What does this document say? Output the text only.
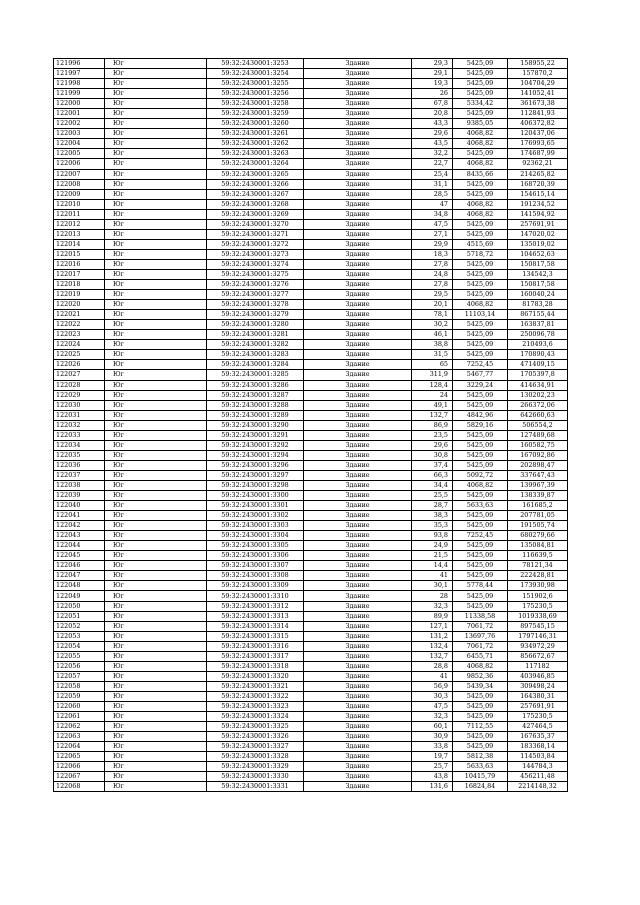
121996	Юг	59:32:2430001:3253	Здание	29,3	5425,09	158955,22
121997	Юг	59:32:2430001:3254	Здание	29,1	5425,09	157870,2
121998	Юг	59:32:2430001:3255	Здание	19,3	5425,09	104704,29
121999	Юг	59:32:2430001:3256	Здание	26	5425,09	141052,41
122000	Юг	59:32:2430001:3258	Здание	67,8	5334,42	361673,38
122001	Юг	59:32:2430001:3259	Здание	20,8	5425,09	112841,93
122002	Юг	59:32:2430001:3260	Здание	43,3	9385,05	406372,82
122003	Юг	59:32:2430001:3261	Здание	29,6	4068,82	120437,06
122004	Юг	59:32:2430001:3262	Здание	43,5	4068,82	176993,65
122005	Юг	59:32:2430001:3263	Здание	32,2	5425,09	174687,99
122006	Юг	59:32:2430001:3264	Здание	22,7	4068,82	92362,21
122007	Юг	59:32:2430001:3265	Здание	25,4	8435,66	214265,82
122008	Юг	59:32:2430001:3266	Здание	31,1	5425,09	168720,39
122009	Юг	59:32:2430001:3267	Здание	28,5	5425,09	154615,14
122010	Юг	59:32:2430001:3268	Здание	47	4068,82	191234,52
122011	Юг	59:32:2430001:3269	Здание	34,8	4068,82	141594,92
122012	Юг	59:32:2430001:3270	Здание	47,5	5425,09	257691,91
122013	Юг	59:32:2430001:3271	Здание	27,1	5425,09	147020,02
122014	Юг	59:32:2430001:3272	Здание	29,9	4515,69	135019,02
122015	Юг	59:32:2430001:3273	Здание	18,3	5718,72	104652,63
122016	Юг	59:32:2430001:3274	Здание	27,8	5425,09	150817,58
122017	Юг	59:32:2430001:3275	Здание	24,8	5425,09	134542,3
122018	Юг	59:32:2430001:3276	Здание	27,8	5425,09	150817,58
122019	Юг	59:32:2430001:3277	Здание	29,5	5425,09	160040,24
122020	Юг	59:32:2430001:3278	Здание	20,1	4068,82	81783,28
122021	Юг	59:32:2430001:3279	Здание	78,1	11103,14	867155,44
122022	Юг	59:32:2430001:3280	Здание	30,2	5425,09	163837,81
122023	Юг	59:32:2430001:3281	Здание	46,1	5425,09	250096,78
122024	Юг	59:32:2430001:3282	Здание	38,8	5425,09	210493,6
122025	Юг	59:32:2430001:3283	Здание	31,5	5425,09	170890,43
122026	Юг	59:32:2430001:3284	Здание	65	7252,45	471409,15
122027	Юг	59:32:2430001:3285	Здание	311,9	5467,77	1705397,8
122028	Юг	59:32:2430001:3286	Здание	128,4	3229,24	414634,91
122029	Юг	59:32:2430001:3287	Здание	24	5425,09	130202,23
122030	Юг	59:32:2430001:3288	Здание	49,1	5425,09	266372,06
122031	Юг	59:32:2430001:3289	Здание	132,7	4842,96	642660,63
122032	Юг	59:32:2430001:3290	Здание	86,9	5829,16	506554,2
122033	Юг	59:32:2430001:3291	Здание	23,5	5425,09	127489,68
122034	Юг	59:32:2430001:3292	Здание	29,6	5425,09	160582,75
122035	Юг	59:32:2430001:3294	Здание	30,8	5425,09	167092,86
122036	Юг	59:32:2430001:3296	Здание	37,4	5425,09	202898,47
122037	Юг	59:32:2430001:3297	Здание	66,3	5092,72	337647,43
122038	Юг	59:32:2430001:3298	Здание	34,4	4068,82	139967,39
122039	Юг	59:32:2430001:3300	Здание	25,5	5425,09	138339,87
122040	Юг	59:32:2430001:3301	Здание	28,7	5633,63	161685,2
122041	Юг	59:32:2430001:3302	Здание	38,3	5425,09	207781,05
122042	Юг	59:32:2430001:3303	Здание	35,3	5425,09	191505,74
122043	Юг	59:32:2430001:3304	Здание	93,8	7252,45	680279,66
122044	Юг	59:32:2430001:3305	Здание	24,9	5425,09	135084,81
122045	Юг	59:32:2430001:3306	Здание	21,5	5425,09	116639,5
122046	Юг	59:32:2430001:3307	Здание	14,4	5425,09	78121,34
122047	Юг	59:32:2430001:3308	Здание	41	5425,09	222428,81
122048	Юг	59:32:2430001:3309	Здание	30,1	5778,44	173930,98
122049	Юг	59:32:2430001:3310	Здание	28	5425,09	151902,6
122050	Юг	59:32:2430001:3312	Здание	32,3	5425,09	175230,5
122051	Юг	59:32:2430001:3313	Здание	89,9	11338,58	1019338,69
122052	Юг	59:32:2430001:3314	Здание	127,1	7061,72	897545,15
122053	Юг	59:32:2430001:3315	Здание	131,2	13697,76	1797146,31
122054	Юг	59:32:2430001:3316	Здание	132,4	7061,72	934972,29
122055	Юг	59:32:2430001:3317	Здание	132,7	6455,71	856672,67
122056	Юг	59:32:2430001:3318	Здание	28,8	4068,82	117182
122057	Юг	59:32:2430001:3320	Здание	41	9852,36	403946,85
122058	Юг	59:32:2430001:3321	Здание	56,9	5439,34	309498,24
122059	Юг	59:32:2430001:3322	Здание	30,3	5425,09	164380,31
122060	Юг	59:32:2430001:3323	Здание	47,5	5425,09	257691,91
122061	Юг	59:32:2430001:3324	Здание	32,3	5425,09	175230,5
122062	Юг	59:32:2430001:3325	Здание	60,1	7112,55	427464,5
122063	Юг	59:32:2430001:3326	Здание	30,9	5425,09	167635,37
122064	Юг	59:32:2430001:3327	Здание	33,8	5425,09	183368,14
122065	Юг	59:32:2430001:3328	Здание	19,7	5812,38	114503,84
122066	Юг	59:32:2430001:3329	Здание	25,7	5633,63	144784,3
122067	Юг	59:32:2430001:3330	Здание	43,8	10415,79	456211,48
122068	Юг	59:32:2430001:3331	Здание	131,6	16824,84	2214148,32
